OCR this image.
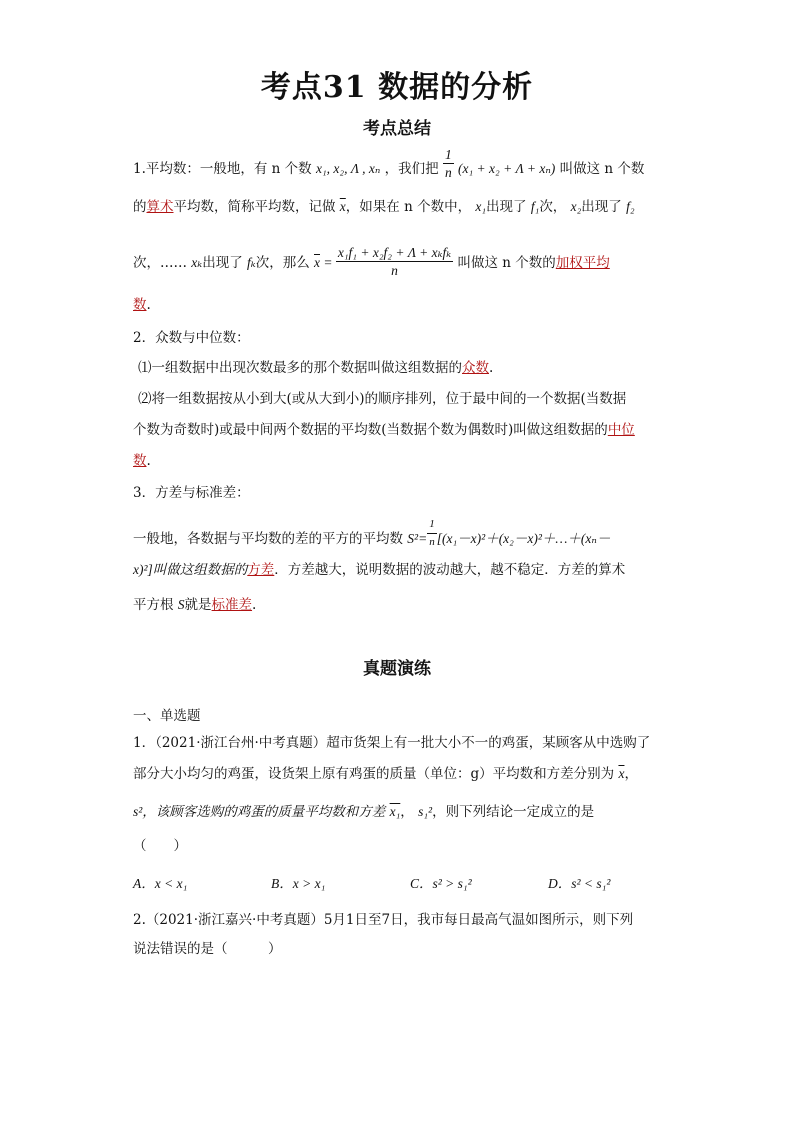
考点31 数据的分析
考点总结
1.平均数：一般地，有 n 个数 x₁, x₂, Λ , xₙ ，我们把 $\frac{1}{n} (x_1 + x_2 + \Lambda + x_n)$ 叫做这 n 个数
的算术平均数，简称平均数，记做 $\overline{x}$，如果在 n 个数中， x₁出现了 f₁次， x₂出现了 f₂
次，…… xₖ出现了 fₖ次，那么 $\overline{x} = \frac{\text{x₁f₁ + x₂f₂ + Λ + xₖfₖ}}{n}$ 叫做这 n 个数的加权平均
数.
2．众数与中位数：
⑴一组数据中出现次数最多的那个数据叫做这组数据的众数.
⑵将一组数据按从小到大(或从大到小)的顺序排列，位于最中间的一个数据(当数据
个数为奇数时)或最中间两个数据的平均数(当数据个数为偶数时)叫做这组数据的中位
数.
3．方差与标准差：
一般地，各数据与平均数的差的平方的平均数 $S^2= \frac{1}{n}$ [(x₁－x)²＋(x₂－x)²＋…＋(xₙ－
x)²]叫做这组数据的方差．方差越大，说明数据的波动越大，越不稳定．方差的算术
平方根 S就是标准差.
真题演练
一、单选题
1．（2021·浙江台州·中考真题）超市货架上有一批大小不一的鸡蛋，某顾客从中选购了
部分大小均匀的鸡蛋，设货架上原有鸡蛋的质量（单位：g）平均数和方差分别为 $\overline{x}$，
s²，该顾客选购的鸡蛋的质量平均数和方差 x₁， s₁²，则下列结论一定成立的是
（　　）
A．x < x₁	B．x > x₁	C．s² > s₁²	D．s² < s₁²
2.（2021·浙江嘉兴·中考真题）5月1日至7日，我市每日最高气温如图所示，则下列
说法错误的是（　　　）
